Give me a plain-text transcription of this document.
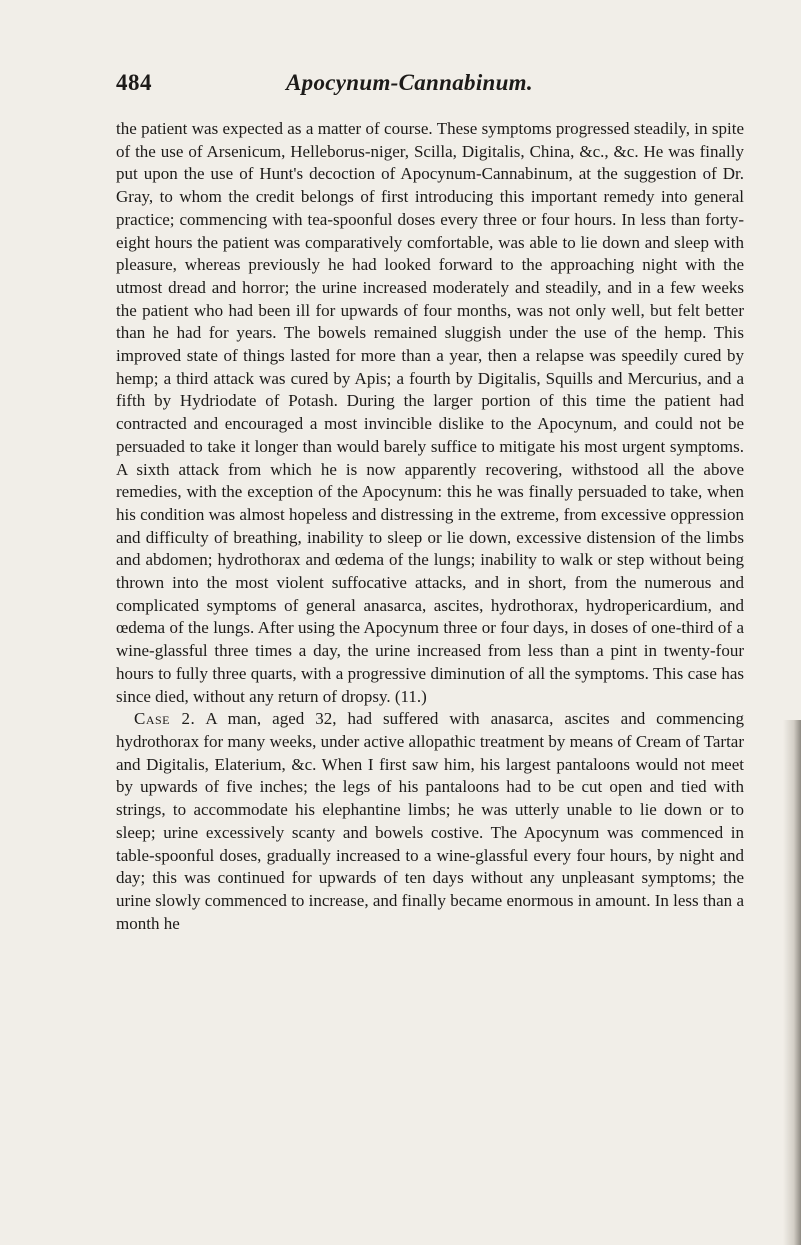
484	Apocynum-Cannabinum.

the patient was expected as a matter of course. These symptoms progressed steadily, in spite of the use of Arsenicum, Helleborus-niger, Scilla, Digitalis, China, &c., &c. He was finally put upon the use of Hunt's decoction of Apocynum-Cannabinum, at the suggestion of Dr. Gray, to whom the credit belongs of first introducing this important remedy into general practice; commencing with tea-spoonful doses every three or four hours. In less than forty-eight hours the patient was comparatively comfortable, was able to lie down and sleep with pleasure, whereas previously he had looked forward to the approaching night with the utmost dread and horror; the urine increased moderately and steadily, and in a few weeks the patient who had been ill for upwards of four months, was not only well, but felt better than he had for years. The bowels remained sluggish under the use of the hemp. This improved state of things lasted for more than a year, then a relapse was speedily cured by hemp; a third attack was cured by Apis; a fourth by Digitalis, Squills and Mercurius, and a fifth by Hydriodate of Potash. During the larger portion of this time the patient had contracted and encouraged a most invincible dislike to the Apocynum, and could not be persuaded to take it longer than would barely suffice to mitigate his most urgent symptoms. A sixth attack from which he is now apparently recovering, withstood all the above remedies, with the exception of the Apocynum: this he was finally persuaded to take, when his condition was almost hopeless and distressing in the extreme, from excessive oppression and difficulty of breathing, inability to sleep or lie down, excessive distension of the limbs and abdomen; hydrothorax and œdema of the lungs; inability to walk or step without being thrown into the most violent suffocative attacks, and in short, from the numerous and complicated symptoms of general anasarca, ascites, hydrothorax, hydropericardium, and œdema of the lungs. After using the Apocynum three or four days, in doses of one-third of a wine-glassful three times a day, the urine increased from less than a pint in twenty-four hours to fully three quarts, with a progressive diminution of all the symptoms. This case has since died, without any return of dropsy. (11.)

Case 2. A man, aged 32, had suffered with anasarca, ascites and commencing hydrothorax for many weeks, under active allopathic treatment by means of Cream of Tartar and Digitalis, Elaterium, &c. When I first saw him, his largest pantaloons would not meet by upwards of five inches; the legs of his pantaloons had to be cut open and tied with strings, to accommodate his elephantine limbs; he was utterly unable to lie down or to sleep; urine excessively scanty and bowels costive. The Apocynum was commenced in table-spoonful doses, gradually increased to a wine-glassful every four hours, by night and day; this was continued for upwards of ten days without any unpleasant symptoms; the urine slowly commenced to increase, and finally became enormous in amount. In less than a month he
